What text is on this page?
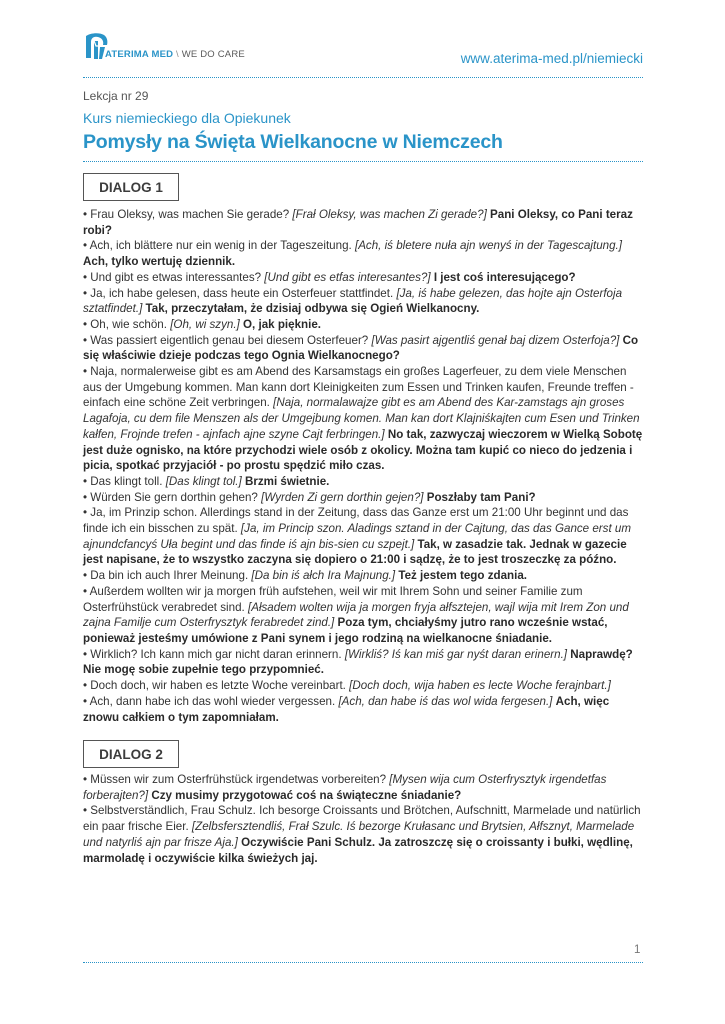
ATERIMA MED \ WE DO CARE	www.aterima-med.pl/niemiecki
Lekcja nr 29
Kurs niemieckiego dla Opiekunek
Pomysły na Święta Wielkanocne w Niemczech
DIALOG 1

• Frau Oleksy, was machen Sie gerade? [Frał Oleksy, was machen Zi gerade?] Pani Oleksy, co Pani teraz robi?

• Ach, ich blättere nur ein wenig in der Tageszeitung. [Ach, iś bletere nuła ajn wenyś in der Tagescajtung.] Ach, tylko wertuję dziennik.

• Und gibt es etwas interessantes? [Und gibt es etfas interesantes?] I jest coś interesującego?

• Ja, ich habe gelesen, dass heute ein Osterfeuer stattfindet. [Ja, iś habe gelezen, das hojte ajn Osterfoja sztatfindet.] Tak, przeczytałam, że dzisiaj odbywa się Ogień Wielkanocny.

• Oh, wie schön. [Oh, wi szyn.] O, jak pięknie.

• Was passiert eigentlich genau bei diesem Osterfeuer? [Was pasirt ajgentliś genał baj dizem Osterfoja?] Co się właściwie dzieje podczas tego Ognia Wielkanocnego?

• Naja, normalerweise gibt es am Abend des Karsamstags ein großes Lagerfeuer, zu dem viele Menschen aus der Umgebung kommen. Man kann dort Kleinigkeiten zum Essen und Trinken kaufen, Freunde treffen - einfach eine schöne Zeit verbringen. [Naja, normalawajze gibt es am Abend des Kar-zamstags ajn groses Lagafoja, cu dem file Menszen als der Umgejbung komen. Man kan dort Klajniśkajten cum Esen und Trinken kałfen, Frojnde trefen - ajnfach ajne szyne Cajt ferbringen.] No tak, zazwyczaj wieczorem w Wielką Sobotę jest duże ognisko, na które przychodzi wiele osób z okolicy. Można tam kupić co nieco do jedzenia i picia, spotkać przyjaciół - po prostu spędzić miło czas.

• Das klingt toll. [Das klingt tol.] Brzmi świetnie.

• Würden Sie gern dorthin gehen? [Wyrden Zi gern dorthin gejen?] Poszłaby tam Pani?

• Ja, im Prinzip schon. Allerdings stand in der Zeitung, dass das Ganze erst um 21:00 Uhr beginnt und das finde ich ein bisschen zu spät. [Ja, im Princip szon. Aladings sztand in der Cajtung, das das Gance erst um ajnundcfancyś Uła begint und das finde iś ajn bis-sien cu szpejt.] Tak, w zasadzie tak. Jednak w gazecie jest napisane, że to wszystko zaczyna się dopiero o 21:00 i sądzę, że to jest troszeczkę za późno.

• Da bin ich auch Ihrer Meinung. [Da bin iś ałch Ira Majnung.] Też jestem tego zdania.

• Außerdem wollten wir ja morgen früh aufstehen, weil wir mit Ihrem Sohn und seiner Familie zum Osterfrühstück verabredet sind. [Ałsadem wolten wija ja morgen fryja ałfsztejen, wajl wija mit Irem Zon und zajna Familje cum Osterfrysztyk ferabredet zind.] Poza tym, chciałyśmy jutro rano wcześnie wstać, ponieważ jesteśmy umówione z Pani synem i jego rodziną na wielkanocne śniadanie.

• Wirklich? Ich kann mich gar nicht daran erinnern. [Wirkliś? Iś kan miś gar nyśt daran erinern.] Naprawdę? Nie mogę sobie zupełnie tego przypomnieć.

• Doch doch, wir haben es letzte Woche vereinbart. [Doch doch, wija haben es lecte Woche ferajnbart.]

• Ach, dann habe ich das wohl wieder vergessen. [Ach, dan habe iś das wol wida fergesen.] Ach, więc znowu całkiem o tym zapomniałam.

DIALOG 2

• Müssen wir zum Osterfrühstück irgendetwas vorbereiten? [Mysen wija cum Osterfrysztyk irgendetfas forberajten?] Czy musimy przygotować coś na świąteczne śniadanie?

• Selbstverständlich, Frau Schulz. Ich besorge Croissants und Brötchen, Aufschnitt, Marmelade und natürlich ein paar frische Eier. [Zelbsfersztendliś, Frał Szulc. Iś bezorge Krułasanc und Brytsien, Ałfsznyt, Marmelade und natyrliś ajn par frisze Aja.] Oczywiście Pani Schulz. Ja zatroszczę się o croissanty i bułki, wędlinę, marmoladę i oczywiście kilka świeżych jaj.

1
